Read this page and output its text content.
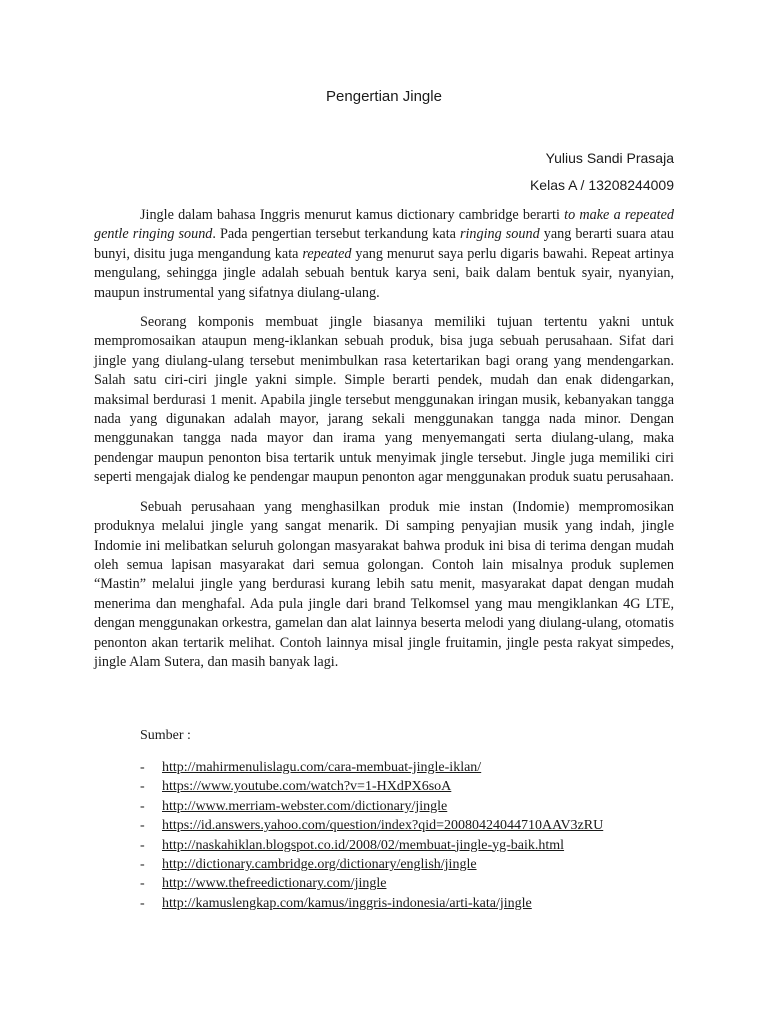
Pengertian Jingle
Yulius Sandi Prasaja
Kelas A / 13208244009

Jingle dalam bahasa Inggris menurut kamus dictionary cambridge berarti to make a repeated gentle ringing sound. Pada pengertian tersebut terkandung kata ringing sound yang berarti suara atau bunyi, disitu juga mengandung kata repeated yang menurut saya perlu digaris bawahi. Repeat artinya mengulang, sehingga jingle adalah sebuah bentuk karya seni, baik dalam bentuk syair, nyanyian, maupun instrumental yang sifatnya diulang-ulang.

Seorang komponis membuat jingle biasanya memiliki tujuan tertentu yakni untuk mempromosaikan ataupun meng-iklankan sebuah produk, bisa juga sebuah perusahaan. Sifat dari jingle yang diulang-ulang tersebut menimbulkan rasa ketertarikan bagi orang yang mendengarkan. Salah satu ciri-ciri jingle yakni simple. Simple berarti pendek, mudah dan enak didengarkan, maksimal berdurasi 1 menit. Apabila jingle tersebut menggunakan iringan musik, kebanyakan tangga nada yang digunakan adalah mayor, jarang sekali menggunakan tangga nada minor. Dengan menggunakan tangga nada mayor dan irama yang menyemangati serta diulang-ulang, maka pendengar maupun penonton bisa tertarik untuk menyimak jingle tersebut. Jingle juga memiliki ciri seperti mengajak dialog ke pendengar maupun penonton agar menggunakan produk suatu perusahaan.

Sebuah perusahaan yang menghasilkan produk mie instan (Indomie) mempromosikan produknya melalui jingle yang sangat menarik. Di samping penyajian musik yang indah, jingle Indomie ini melibatkan seluruh golongan masyarakat bahwa produk ini bisa di terima dengan mudah oleh semua lapisan masyarakat dari semua golongan. Contoh lain misalnya produk suplemen “Mastin” melalui jingle yang berdurasi kurang lebih satu menit, masyarakat dapat dengan mudah menerima dan menghafal. Ada pula jingle dari brand Telkomsel yang mau mengiklankan 4G LTE, dengan menggunakan orkestra, gamelan dan alat lainnya beserta melodi yang diulang-ulang, otomatis penonton akan tertarik melihat. Contoh lainnya misal jingle fruitamin, jingle pesta rakyat simpedes, jingle Alam Sutera, dan masih banyak lagi.

Sumber :
- http://mahirmenulislagu.com/cara-membuat-jingle-iklan/
- https://www.youtube.com/watch?v=1-HXdPX6soA
- http://www.merriam-webster.com/dictionary/jingle
- https://id.answers.yahoo.com/question/index?qid=20080424044710AAV3zRU
- http://naskahiklan.blogspot.co.id/2008/02/membuat-jingle-yg-baik.html
- http://dictionary.cambridge.org/dictionary/english/jingle
- http://www.thefreedictionary.com/jingle
- http://kamuslengkap.com/kamus/inggris-indonesia/arti-kata/jingle
